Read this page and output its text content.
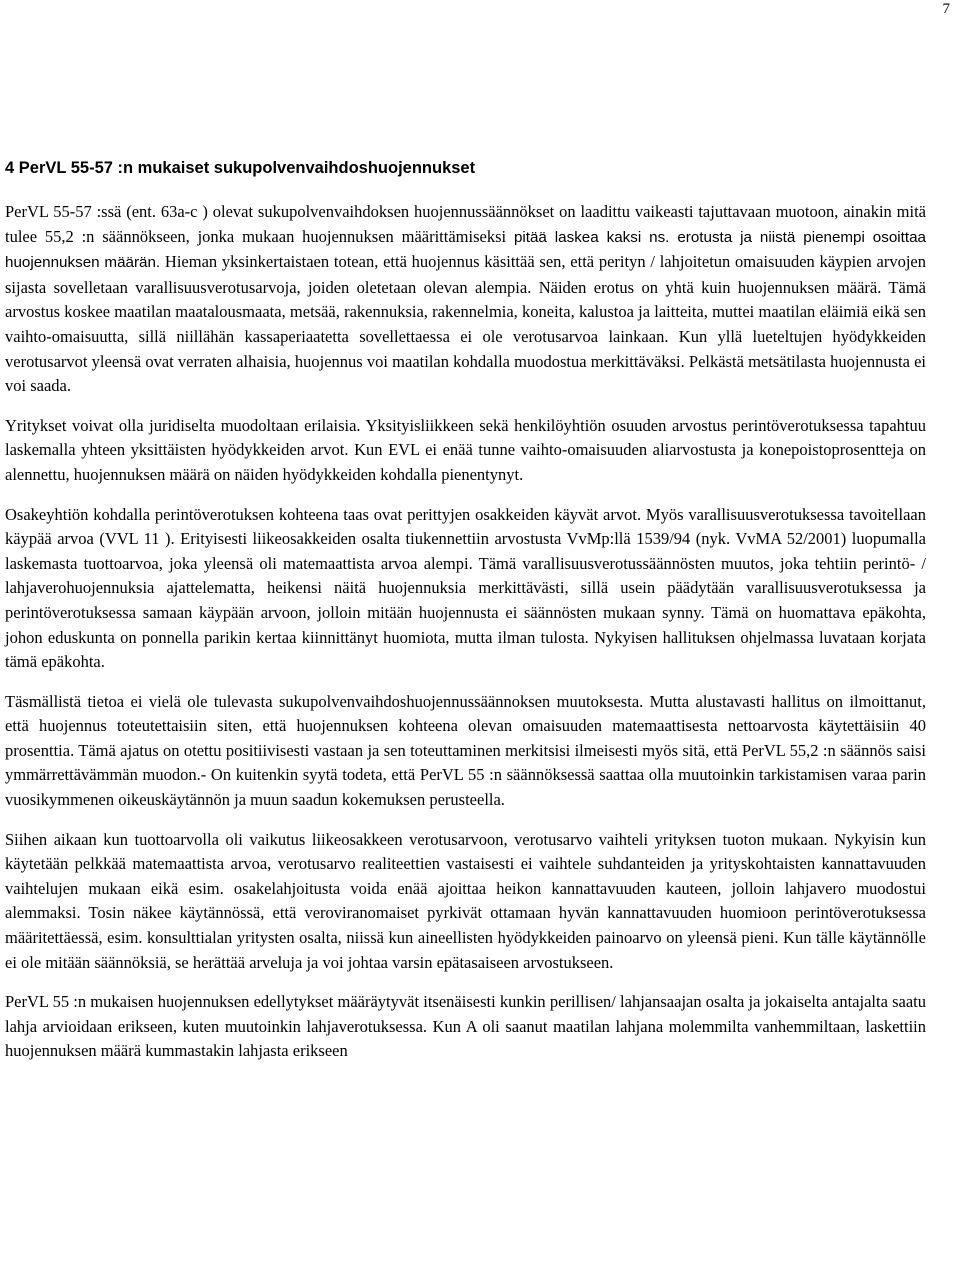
7
4 PerVL 55-57 :n mukaiset sukupolvenvaihdoshuojennukset

PerVL 55-57 :ssä (ent. 63a-c ) olevat sukupolvenvaihdoksen huojennussäännökset on laadittu vaikeasti tajuttavaan muotoon, ainakin mitä tulee 55,2 :n säännökseen, jonka mukaan huojennuksen määrittämiseksi pitää laskea kaksi ns. erotusta ja niistä pienempi osoittaa huojennuksen määrän. Hieman yksinkertaistaen totean, että huojennus käsittää sen, että perityn / lahjoitetun omaisuuden käypien arvojen sijasta sovelletaan varallisuusverotusarvoja, joiden oletetaan olevan alempia. Näiden erotus on yhtä kuin huojennuksen määrä. Tämä arvostus koskee maatilan maatalousmaata, metsää, rakennuksia, rakennelmia, koneita, kalustoa ja laitteita, muttei maatilan eläimiä eikä sen vaihto-omaisuutta, sillä niillähän kassaperiaatetta sovellettaessa ei ole verotusarvoa lainkaan. Kun yllä lueteltujen hyödykkeiden verotusarvot yleensä ovat verraten alhaisia, huojennus voi maatilan kohdalla muodostua merkittäväksi. Pelkästä metsätilasta huojennusta ei voi saada.

Yritykset voivat olla juridiselta muodoltaan erilaisia. Yksityisliikkeen sekä henkilöyhtiön osuuden arvostus perintöverotuksessa tapahtuu laskemalla yhteen yksittäisten hyödykkeiden arvot. Kun EVL ei enää tunne vaihto-omaisuuden aliarvostusta ja konepoistoprosentteja on alennettu, huojennuksen määrä on näiden hyödykkeiden kohdalla pienentynyt.

Osakeyhtiön kohdalla perintöverotuksen kohteena taas ovat perittyjen osakkeiden käyvät arvot. Myös varallisuusverotuksessa tavoitellaan käypää arvoa (VVL 11 ). Erityisesti liikeosakkeiden osalta tiukennettiin arvostusta VvMp:llä 1539/94 (nyk. VvMA 52/2001) luopumalla laskemasta tuottoarvoa, joka yleensä oli matemaattista arvoa alempi. Tämä varallisuusverotussäännösten muutos, joka tehtiin perintö- / lahjaverohuojennuksia ajattelematta, heikensi näitä huojennuksia merkittävästi, sillä usein päädytään varallisuusverotuksessa ja perintöverotuksessa samaan käypään arvoon, jolloin mitään huojennusta ei säännösten mukaan synny. Tämä on huomattava epäkohta, johon eduskunta on ponnella parikin kertaa kiinnittänyt huomiota, mutta ilman tulosta. Nykyisen hallituksen ohjelmassa luvataan korjata tämä epäkohta.

Täsmällistä tietoa ei vielä ole tulevasta sukupolvenvaihdoshuojennussäännoksen muutoksesta. Mutta alustavasti hallitus on ilmoittanut, että huojennus toteutettaisiin siten, että huojennuksen kohteena olevan omaisuuden matemaattisesta nettoarvosta käytettäisiin 40 prosenttia. Tämä ajatus on otettu positiivisesti vastaan ja sen toteuttaminen merkitsisi ilmeisesti myös sitä, että PerVL 55,2 :n säännös saisi ymmärrettävämmän muodon.- On kuitenkin syytä todeta, että PerVL 55 :n säännöksessä saattaa olla muutoinkin tarkistamisen varaa parin vuosikymmenen oikeuskäytännön ja muun saadun kokemuksen perusteella.

Siihen aikaan kun tuottoarvolla oli vaikutus liikeosakkeen verotusarvoon, verotusarvo vaihteli yrityksen tuoton mukaan. Nykyisin kun käytetään pelkkää matemaattista arvoa, verotusarvo realiteettien vastaisesti ei vaihtele suhdanteiden ja yrityskohtaisten kannattavuuden vaihtelujen mukaan eikä esim. osakelahjoitusta voida enää ajoittaa heikon kannattavuuden kauteen, jolloin lahjavero muodostui alemmaksi. Tosin näkee käytännössä, että veroviranomaiset pyrkivät ottamaan hyvän kannattavuuden huomioon perintöverotuksessa määritettäessä, esim. konsulttialan yritysten osalta, niissä kun aineellisten hyödykkeiden painoarvo on yleensä pieni. Kun tälle käytännölle ei ole mitään säännöksiä, se herättää arveluja ja voi johtaa varsin epätasaiseen arvostukseen.

PerVL 55 :n mukaisen huojennuksen edellytykset määräytyvät itsenäisesti kunkin perillisen/ lahjansaajan osalta ja jokaiselta antajalta saatu lahja arvioidaan erikseen, kuten muutoinkin lahjaverotuksessa. Kun A oli saanut maatilan lahjana molemmilta vanhemmiltaan, laskettiin huojennuksen määrä kummastakin lahjasta erikseen
